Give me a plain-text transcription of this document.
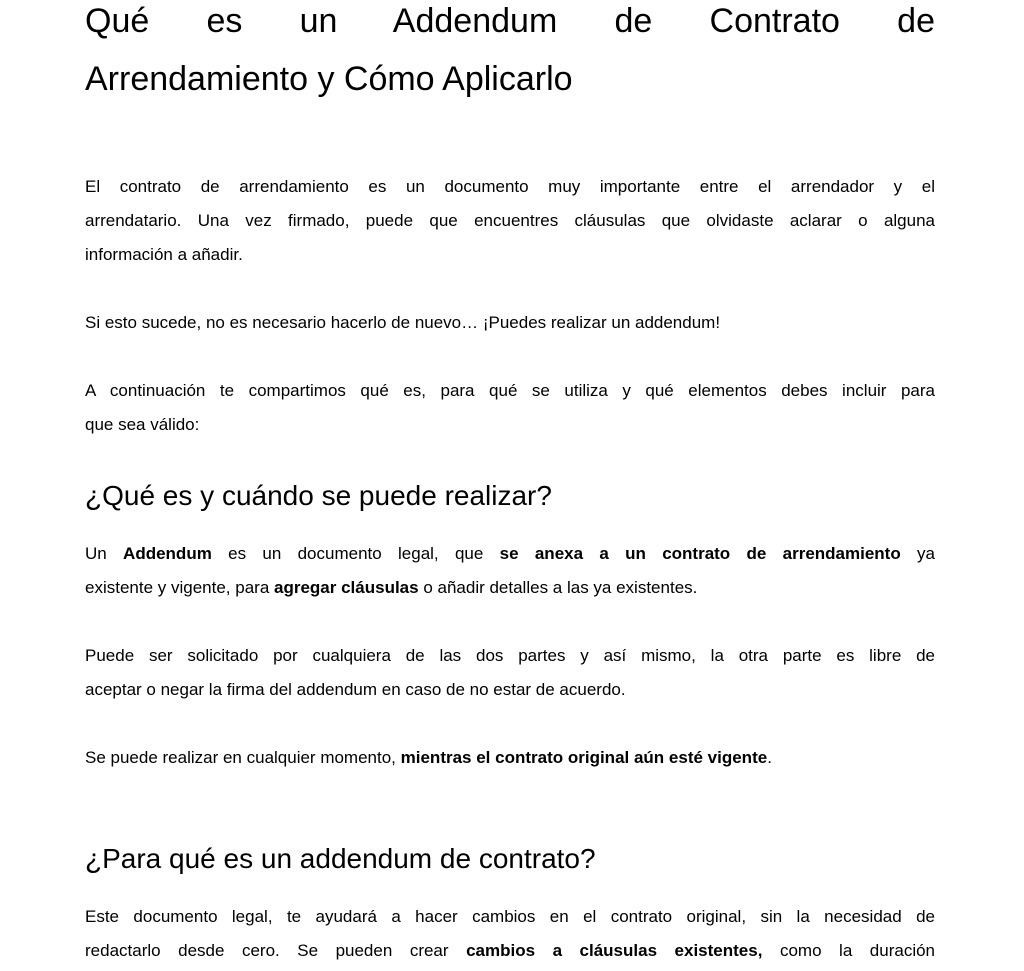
Qué es un Addendum de Contrato de
Arrendamiento y Cómo Aplicarlo

El contrato de arrendamiento es un documento muy importante entre el arrendador y el
arrendatario. Una vez firmado, puede que encuentres cláusulas que olvidaste aclarar o alguna
información a añadir.

Si esto sucede, no es necesario hacerlo de nuevo… ¡Puedes realizar un addendum!

A continuación te compartimos qué es, para qué se utiliza y qué elementos debes incluir para
que sea válido:

¿Qué es y cuándo se puede realizar?

Un Addendum es un documento legal, que se anexa a un contrato de arrendamiento ya
existente y vigente, para agregar cláusulas o añadir detalles a las ya existentes.

Puede ser solicitado por cualquiera de las dos partes y así mismo, la otra parte es libre de
aceptar o negar la firma del addendum en caso de no estar de acuerdo.

Se puede realizar en cualquier momento, mientras el contrato original aún esté vigente.

¿Para qué es un addendum de contrato?

Este documento legal, te ayudará a hacer cambios en el contrato original, sin la necesidad de
redactarlo desde cero. Se pueden crear cambios a cláusulas existentes, como la duración
